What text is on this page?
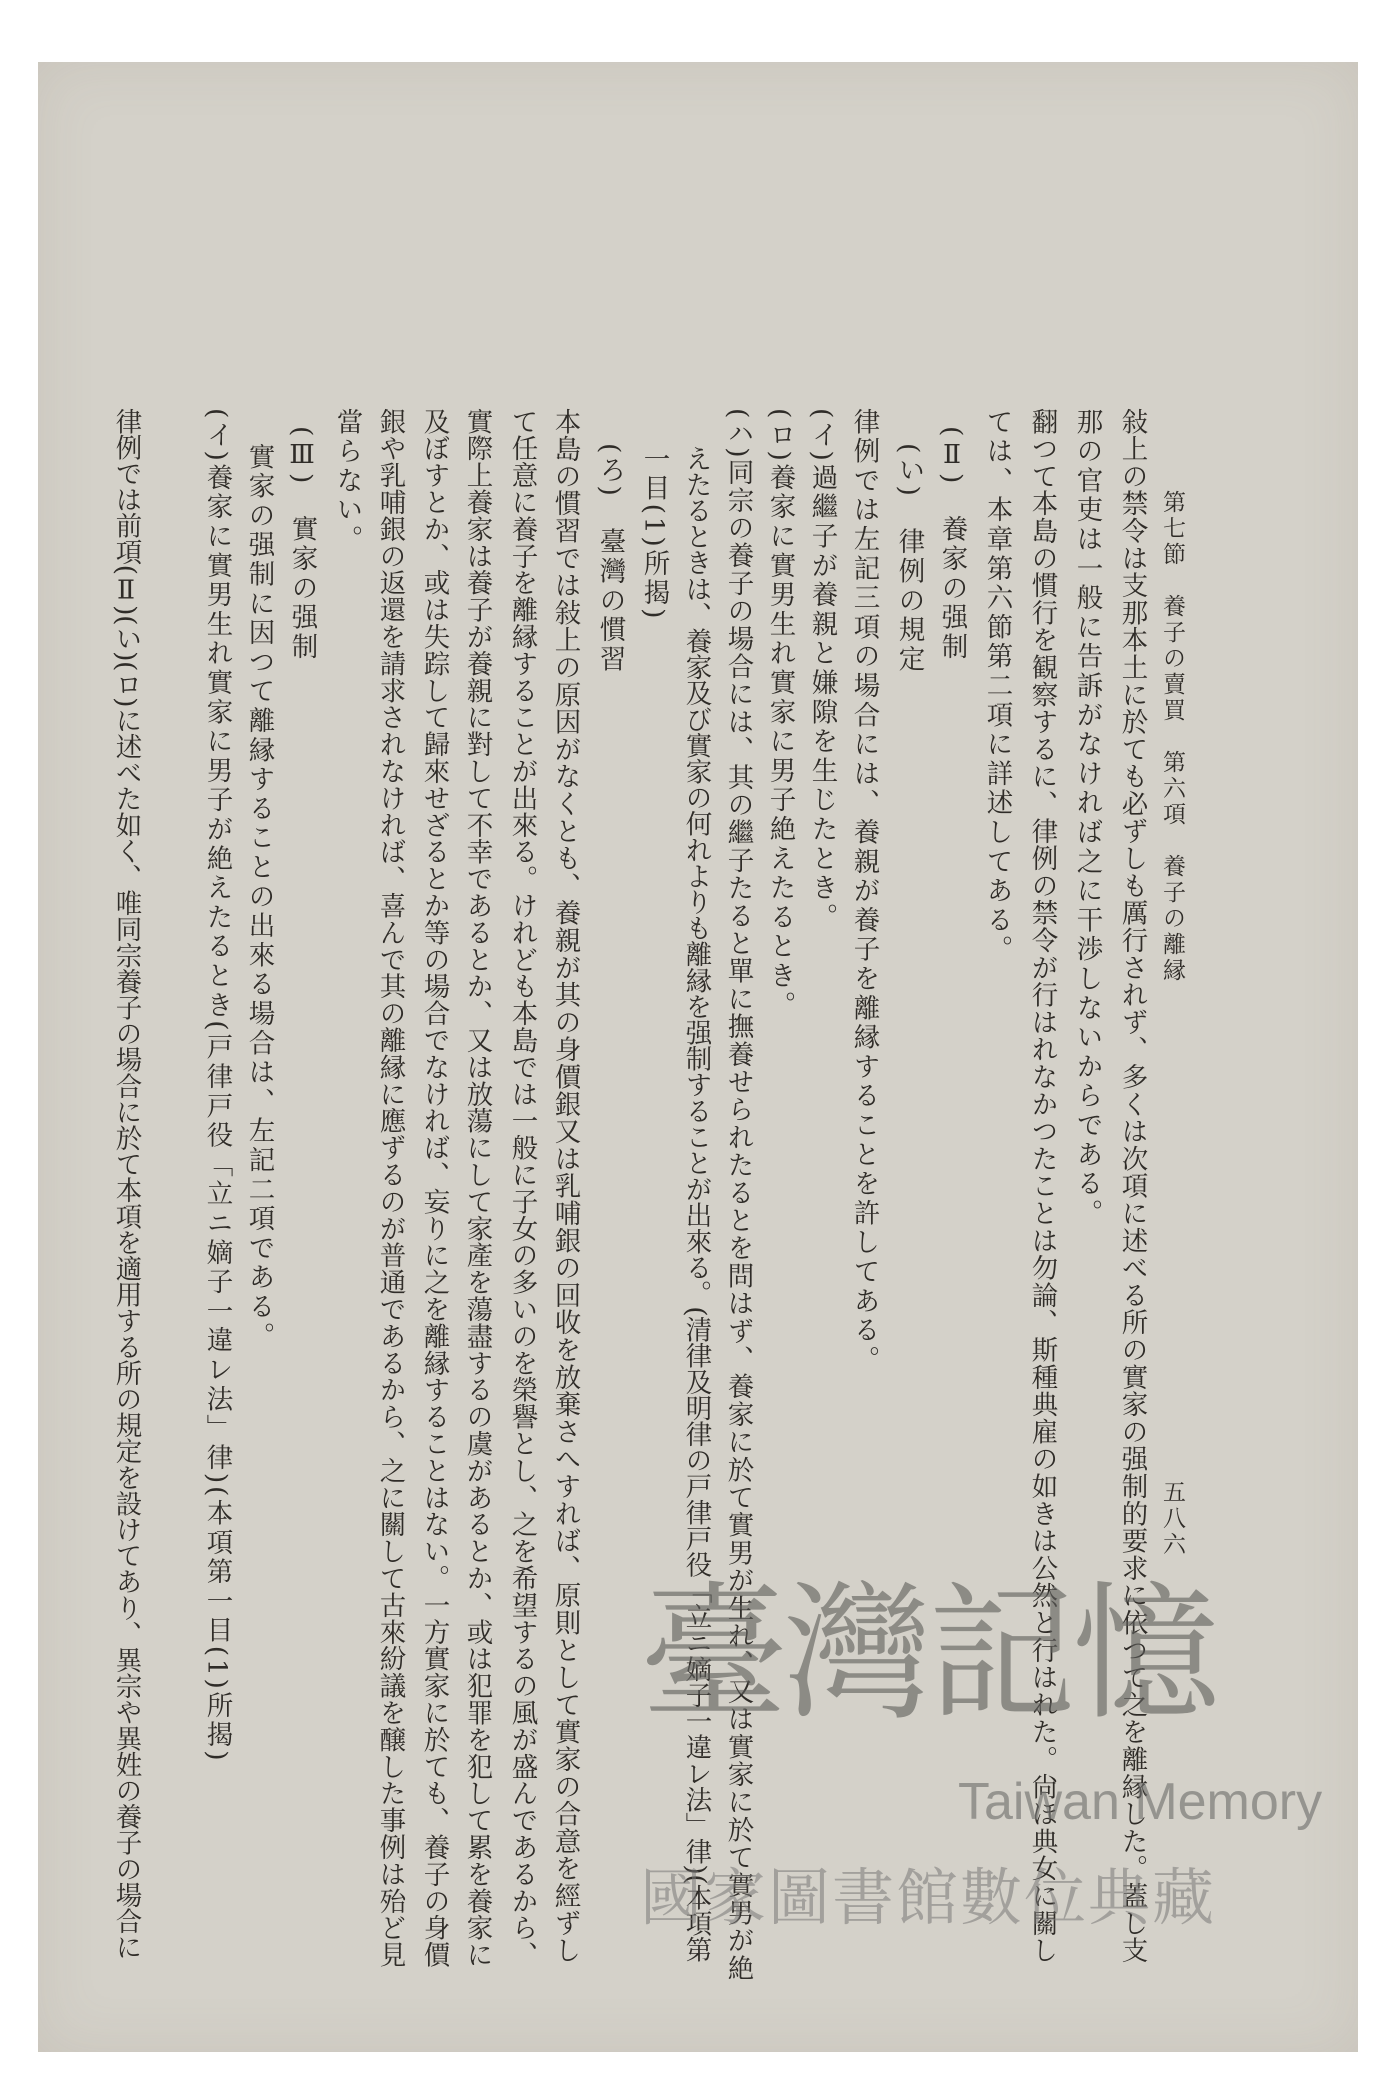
第七節　養子の賣買　第六項　養子の離縁
五八六
敍上の禁令は支那本土に於ても必ずしも厲行されず、多くは次項に述べる所の實家の强制的要求に依つて之を離縁した。蓋し支
那の官吏は一般に告訴がなければ之に干渉しないからである。
翻つて本島の慣行を観察するに、律例の禁令が行はれなかつたことは勿論、斯種典雇の如きは公然と行はれた。尙ほ典女に關し
ては、本章第六節第二項に詳述してある。
(Ⅱ)　養家の强制
(い)　律例の規定
律例では左記三項の場合には、養親が養子を離縁することを許してある。
(イ)過繼子が養親と嫌隙を生じたとき。
(ロ)養家に實男生れ實家に男子絶えたるとき。
(ハ)同宗の養子の場合には、其の繼子たると單に撫養せられたるとを問はず、養家に於て實男が生れ、又は實家に於て實男が絶
えたるときは、養家及び實家の何れよりも離縁を强制することが出來る。(清律及明律の戸律戸役「立ニ嫡子一違レ法」律)(本項第
一目(1)所揭)
(ろ)　臺灣の慣習
本島の慣習では敍上の原因がなくとも、養親が其の身價銀又は乳哺銀の回收を放棄さへすれば、原則として實家の合意を經ずし
て任意に養子を離縁することが出來る。けれども本島では一般に子女の多いのを榮譽とし、之を希望するの風が盛んであるから、
實際上養家は養子が養親に對して不幸であるとか、又は放蕩にして家產を蕩盡するの虞があるとか、或は犯罪を犯して累を養家に
及ぼすとか、或は失踪して歸來せざるとか等の場合でなければ、妄りに之を離縁することはない。一方實家に於ても、養子の身價
銀や乳哺銀の返還を請求されなければ、喜んで其の離縁に應ずるのが普通であるから、之に關して古來紛議を醸した事例は殆ど見
當らない。
(Ⅲ)　實家の强制
實家の强制に因つて離縁することの出來る場合は、左記二項である。
(イ)養家に實男生れ實家に男子が絶えたるとき(戸律戸役「立ニ嫡子一違レ法」律)(本項第一目(1)所揭)
律例では前項(Ⅱ)(い)(ロ)に述べた如く、唯同宗養子の場合に於て本項を適用する所の規定を設けてあり、異宗や異姓の養子の場合に	臺灣記憶
Taiwan Memory
國家圖書館數位典藏
